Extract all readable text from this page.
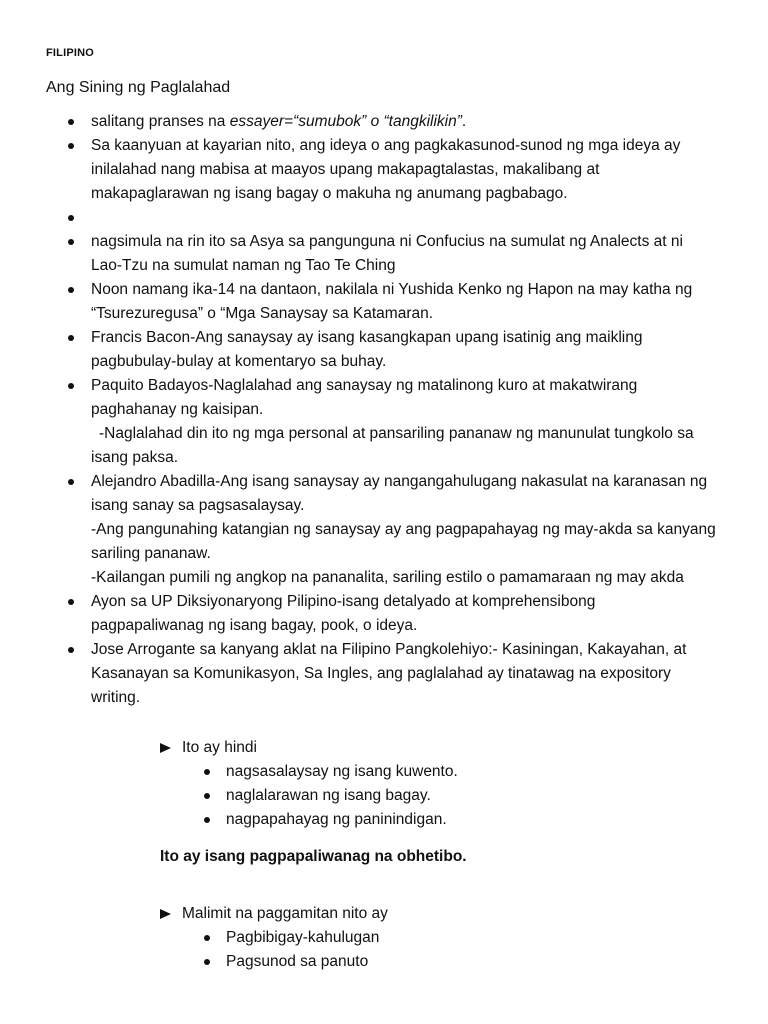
FILIPINO
Ang Sining ng Paglalahad
salitang pranses na essayer=“sumubok” o “tangkilikin”.
Sa kaanyuan at kayarian nito, ang ideya o ang pagkakasunod-sunod ng mga ideya ay
inilalahad nang mabisa at maayos upang makapagtalastas, makalibang at
makapaglarawan ng isang bagay o makuha ng anumang pagbabago.

nagsimula na rin ito sa Asya sa pangunguna ni Confucius na sumulat ng Analects at ni
Lao-Tzu na sumulat naman ng Tao Te Ching
Noon namang ika-14 na dantaon, nakilala ni Yushida Kenko ng Hapon na may katha ng
“Tsurezuregusa” o “Mga Sanaysay sa Katamaran.
Francis Bacon-Ang sanaysay ay isang kasangkapan upang isatinig ang maikling
pagbubulay-bulay at komentaryo sa buhay.
Paquito Badayos-Naglalahad ang sanaysay ng matalinong kuro at makatwirang
paghahanay ng kaisipan.
-Naglalahad din ito ng mga personal at pansariling pananaw ng manunulat tungkolo sa
isang paksa.
Alejandro Abadilla-Ang isang sanaysay ay nangangahulugang nakasulat na karanasan ng
isang sanay sa pagsasalaysay.
-Ang pangunahing katangian ng sanaysay ay ang pagpapahayag ng may-akda sa kanyang
sariling pananaw.
-Kailangan pumili ng angkop na pananalita, sariling estilo o pamamaraan ng may akda
Ayon sa UP Diksiyonaryong Pilipino-isang detalyado at komprehensibong
pagpapaliwanag ng isang bagay, pook, o ideya.
Jose Arrogante sa kanyang aklat na Filipino Pangkolehiyo:- Kasiningan, Kakayahan, at
Kasanayan sa Komunikasyon, Sa Ingles, ang paglalahad ay tinatawag na expository
writing.
Ito ay hindi
nagsasalaysay ng isang kuwento.
naglalarawan ng isang bagay.
nagpapahayag ng paninindigan.
Ito ay isang pagpapaliwanag na obhetibo.
Malimit na paggamitan nito ay
Pagbibigay-kahulugan
Pagsunod sa panuto
